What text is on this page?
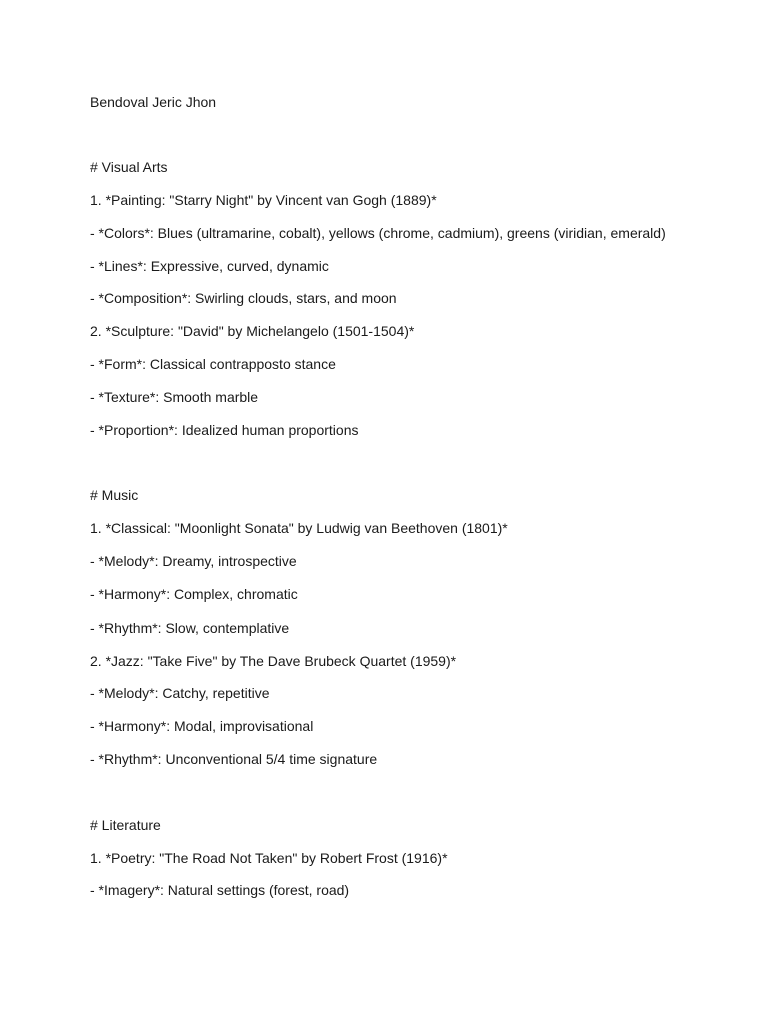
Bendoval Jeric Jhon
# Visual Arts
1. *Painting: "Starry Night" by Vincent van Gogh (1889)*
- *Colors*: Blues (ultramarine, cobalt), yellows (chrome, cadmium), greens (viridian, emerald)
- *Lines*: Expressive, curved, dynamic
- *Composition*: Swirling clouds, stars, and moon
2. *Sculpture: "David" by Michelangelo (1501-1504)*
- *Form*: Classical contrapposto stance
- *Texture*: Smooth marble
- *Proportion*: Idealized human proportions
# Music
1. *Classical: "Moonlight Sonata" by Ludwig van Beethoven (1801)*
- *Melody*: Dreamy, introspective
- *Harmony*: Complex, chromatic
- *Rhythm*: Slow, contemplative
2. *Jazz: "Take Five" by The Dave Brubeck Quartet (1959)*
- *Melody*: Catchy, repetitive
- *Harmony*: Modal, improvisational
- *Rhythm*: Unconventional 5/4 time signature
# Literature
1. *Poetry: "The Road Not Taken" by Robert Frost (1916)*
- *Imagery*: Natural settings (forest, road)
